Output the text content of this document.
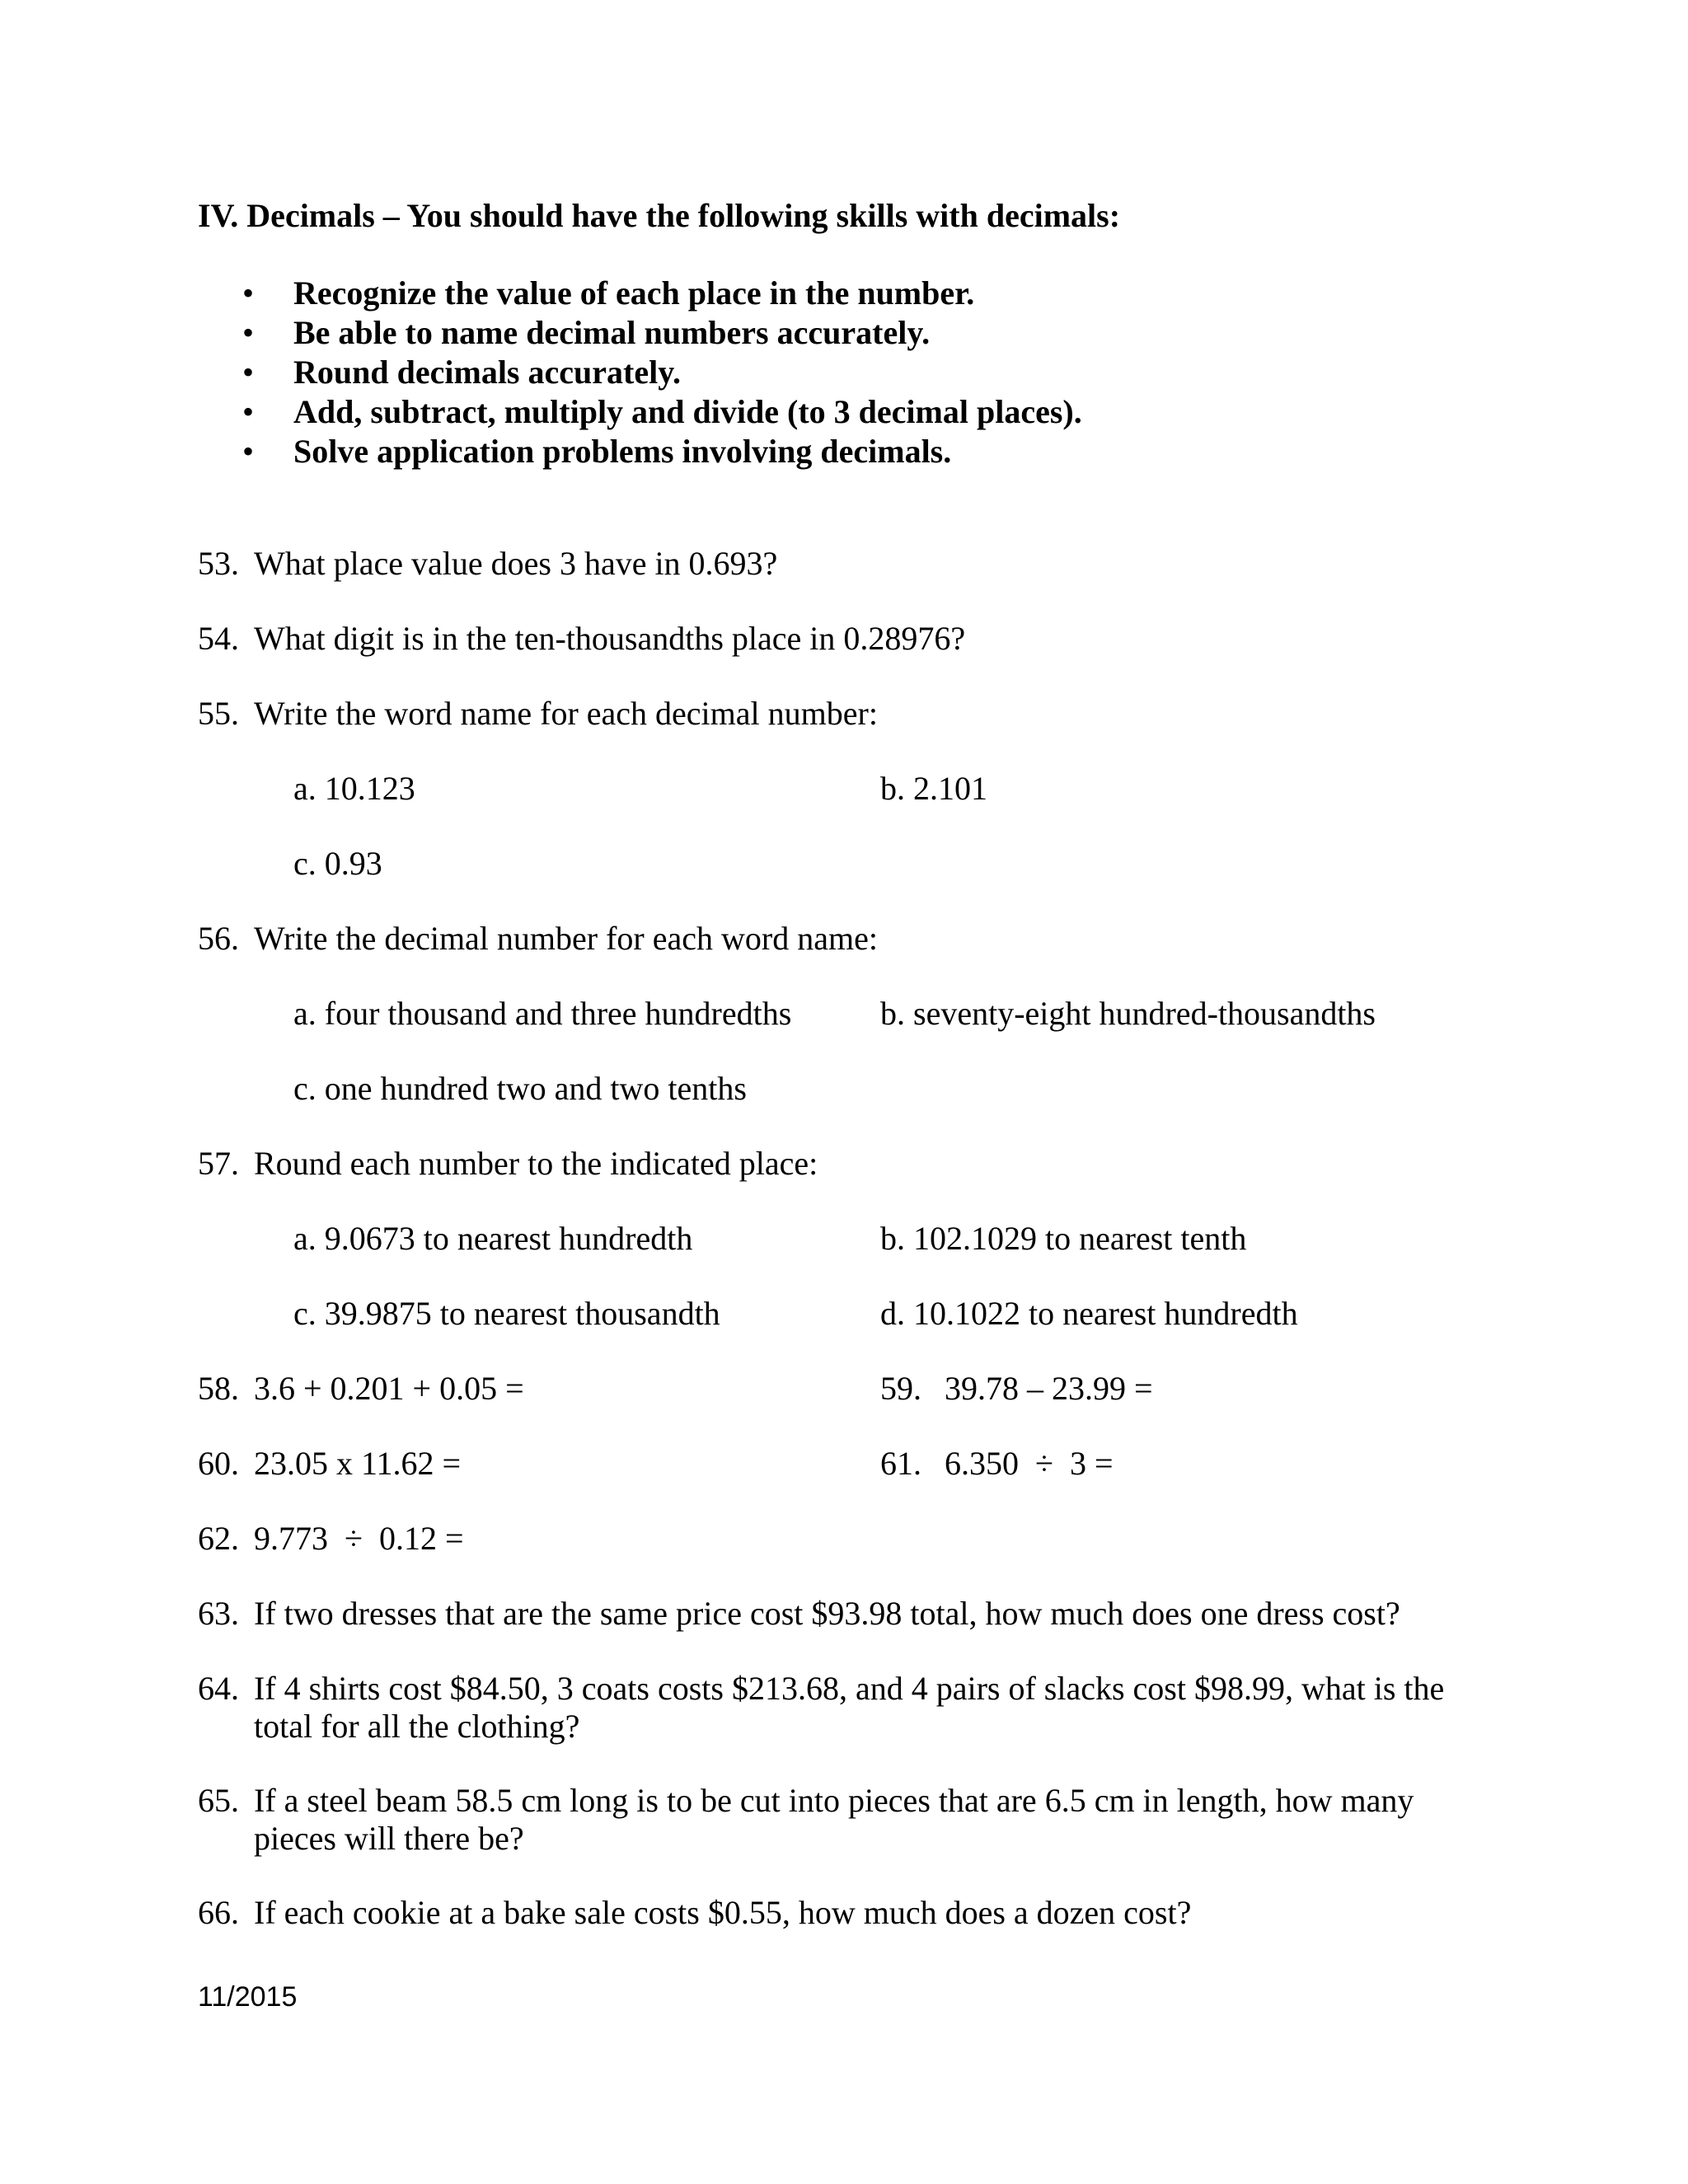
IV. Decimals – You should have the following skills with decimals:
• Recognize the value of each place in the number.
• Be able to name decimal numbers accurately.
• Round decimals accurately.
• Add, subtract, multiply and divide (to 3 decimal places).
• Solve application problems involving decimals.
53. What place value does 3 have in 0.693?
54. What digit is in the ten-thousandths place in 0.28976?
55. Write the word name for each decimal number:
a. 10.123	b. 2.101
c. 0.93
56. Write the decimal number for each word name:
a. four thousand and three hundredths	b. seventy-eight hundred-thousandths
c. one hundred two and two tenths
57. Round each number to the indicated place:
a. 9.0673 to nearest hundredth	b. 102.1029 to nearest tenth
c. 39.9875 to nearest thousandth	d. 10.1022 to nearest hundredth
58. 3.6 + 0.201 + 0.05 =	59. 39.78 – 23.99 =
60. 23.05 x 11.62 =	61. 6.350  ÷  3 =
62. 9.773  ÷  0.12 =
63. If two dresses that are the same price cost $93.98 total, how much does one dress cost?
64. If 4 shirts cost $84.50, 3 coats costs $213.68, and 4 pairs of slacks cost $98.99, what is the
total for all the clothing?
65. If a steel beam 58.5 cm long is to be cut into pieces that are 6.5 cm in length, how many
pieces will there be?
66. If each cookie at a bake sale costs $0.55, how much does a dozen cost?
11/2015
